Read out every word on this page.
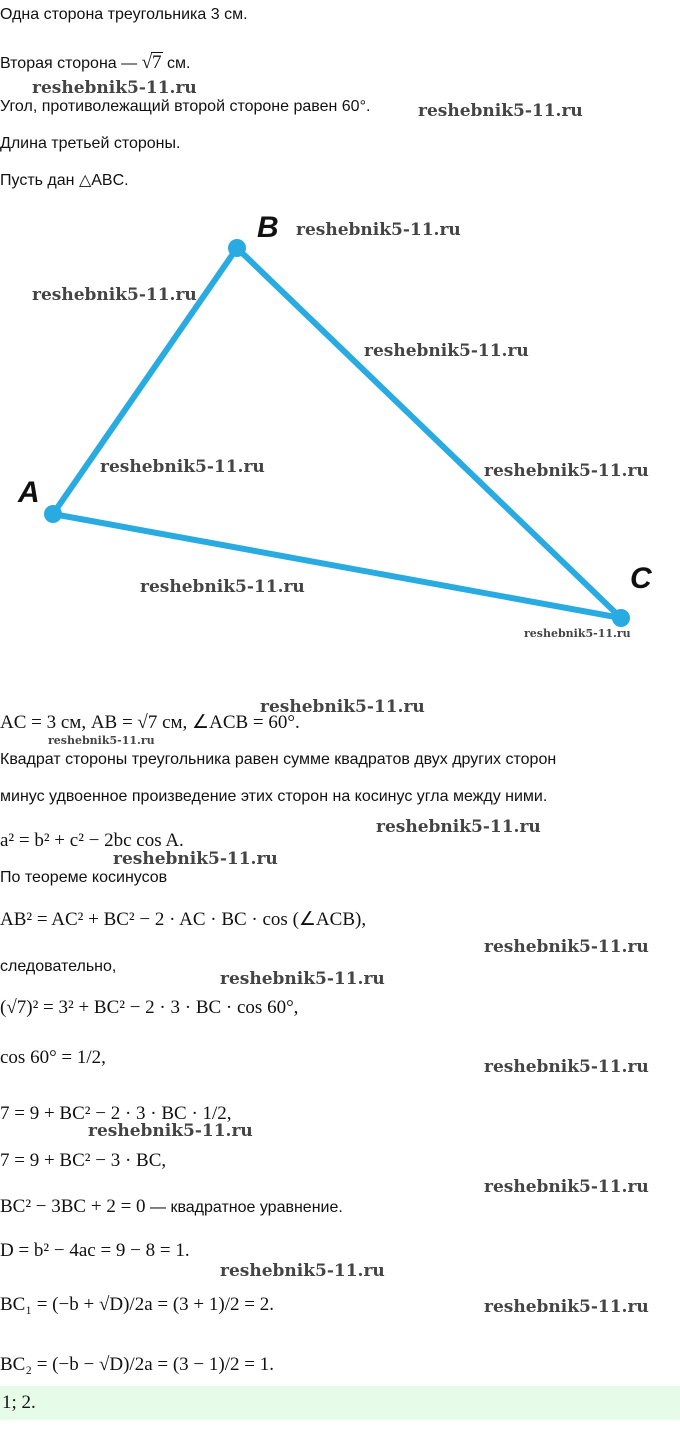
Одна сторона треугольника 3 см.
Вторая сторона — √7 см.
Угол, противолежащий второй стороне равен 60°.
Длина третьей стороны.
Пусть дан △ABC.
A
B
C
AC = 3 см, AB = √7 см, ∠ACB = 60°.
Квадрат стороны треугольника равен сумме квадратов двух других сторон
минус удвоенное произведение этих сторон на косинус угла между ними.
a² = b² + c² − 2bc cos A.
По теореме косинусов
AB² = AC² + BC² − 2 · AC · BC · cos (∠ACB),
следовательно,
(√7)² = 3² + BC² − 2 · 3 · BC · cos 60°,
cos 60° = 1/2,
7 = 9 + BC² − 2 · 3 · BC · 1/2,
7 = 9 + BC² − 3 · BC,
BC² − 3BC + 2 = 0 — квадратное уравнение.
D = b² − 4ac = 9 − 8 = 1.
BC₁ = (−b + √D)/2a = (3 + 1)/2 = 2.
BC₂ = (−b − √D)/2a = (3 − 1)/2 = 1.
1; 2.
reshebnik5-11.ru
reshebnik5-11.ru
reshebnik5-11.ru
reshebnik5-11.ru
reshebnik5-11.ru
reshebnik5-11.ru	reshebnik5-11.ru
reshebnik5-11.ru
reshebnik5-11.ru
reshebnik5-11.ru
reshebnik5-11.ru
reshebnik5-11.ru
reshebnik5-11.ru
reshebnik5-11.ru
reshebnik5-11.ru
reshebnik5-11.ru
reshebnik5-11.ru
reshebnik5-11.ru
reshebnik5-11.ru
reshebnik5-11.ru
